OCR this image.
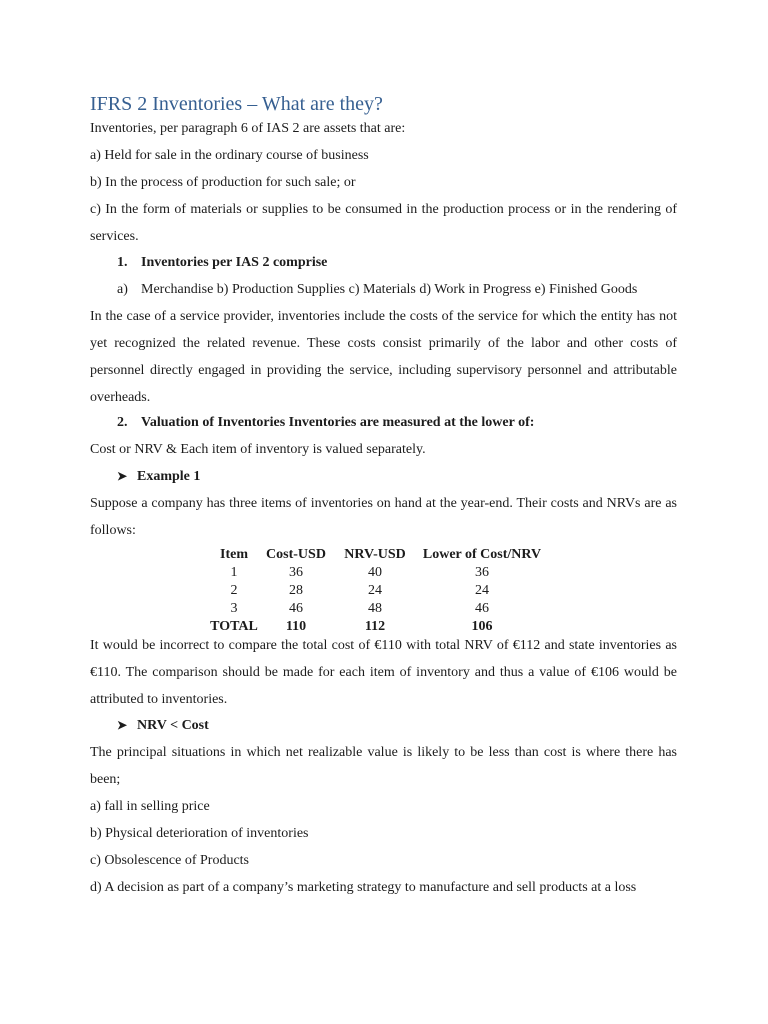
IFRS 2 Inventories – What are they?

Inventories, per paragraph 6 of IAS 2 are assets that are:

a) Held for sale in the ordinary course of business

b) In the process of production for such sale; or

c) In the form of materials or supplies to be consumed in the production process or in the rendering of services.

1. Inventories per IAS 2 comprise
a) Merchandise b) Production Supplies c) Materials d) Work in Progress e) Finished Goods

In the case of a service provider, inventories include the costs of the service for which the entity has not yet recognized the related revenue. These costs consist primarily of the labor and other costs of personnel directly engaged in providing the service, including supervisory personnel and attributable overheads.

2. Valuation of Inventories Inventories are measured at the lower of:

Cost or NRV & Each item of inventory is valued separately.

➤ Example 1

Suppose a company has three items of inventories on hand at the year-end. Their costs and NRVs are as follows:

Item	Cost-USD	NRV-USD	Lower of Cost/NRV
1	36	40	36
2	28	24	24
3	46	48	46
TOTAL	110	112	106

It would be incorrect to compare the total cost of €110 with total NRV of €112 and state inventories as €110. The comparison should be made for each item of inventory and thus a value of €106 would be attributed to inventories.

➤ NRV < Cost

The principal situations in which net realizable value is likely to be less than cost is where there has been;

a) fall in selling price

b) Physical deterioration of inventories

c) Obsolescence of Products

d) A decision as part of a company’s marketing strategy to manufacture and sell products at a loss
